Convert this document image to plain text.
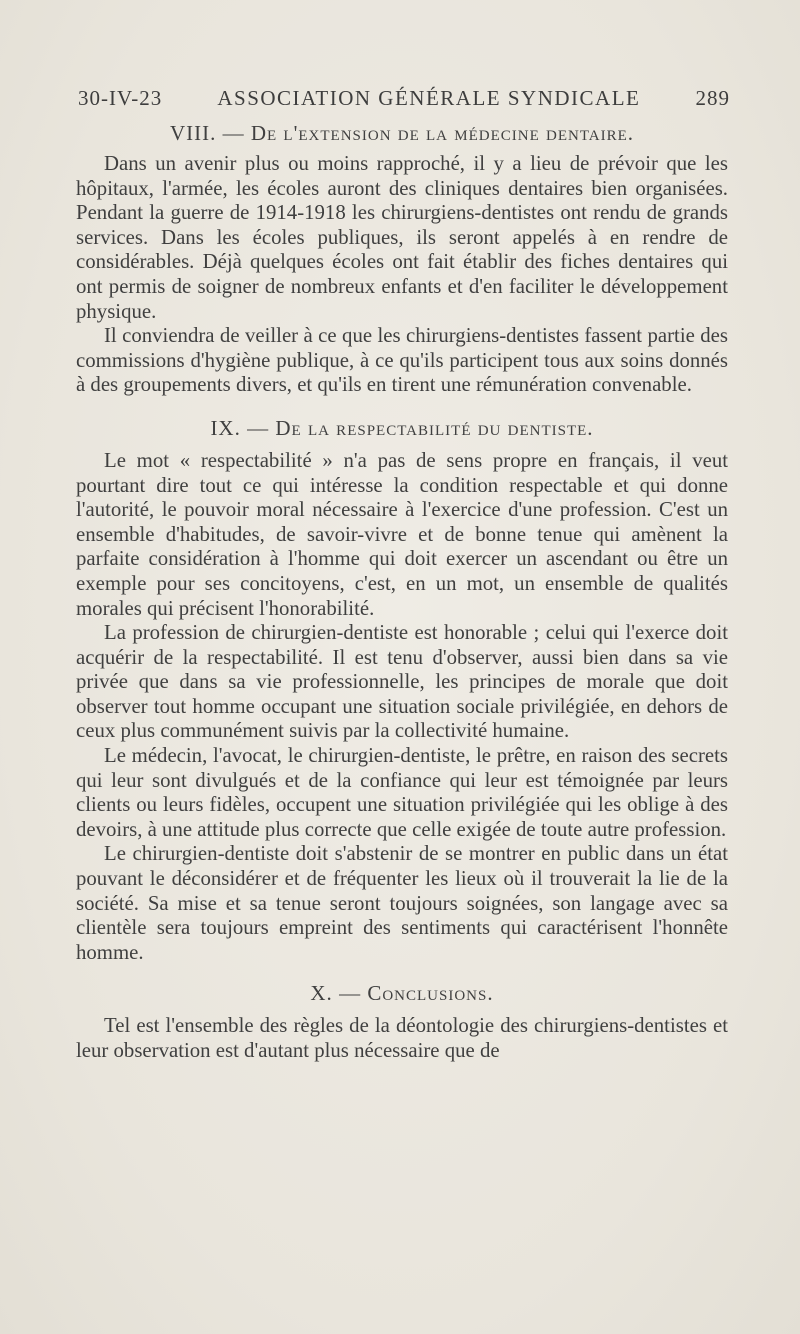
30-IV-23	ASSOCIATION GÉNÉRALE SYNDICALE	289
VIII. — De l'extension de la médecine dentaire.

Dans un avenir plus ou moins rapproché, il y a lieu de prévoir que les hôpitaux, l'armée, les écoles auront des cliniques dentaires bien organisées. Pendant la guerre de 1914-1918 les chirurgiens-dentistes ont rendu de grands services. Dans les écoles publiques, ils seront appelés à en rendre de considérables. Déjà quelques écoles ont fait établir des fiches dentaires qui ont permis de soigner de nombreux enfants et d'en faciliter le développement physique.

Il conviendra de veiller à ce que les chirurgiens-dentistes fassent partie des commissions d'hygiène publique, à ce qu'ils participent tous aux soins donnés à des groupements divers, et qu'ils en tirent une rémunération convenable.

IX. — De la respectabilité du dentiste.

Le mot « respectabilité » n'a pas de sens propre en français, il veut pourtant dire tout ce qui intéresse la condition respectable et qui donne l'autorité, le pouvoir moral nécessaire à l'exercice d'une profession. C'est un ensemble d'habitudes, de savoir-vivre et de bonne tenue qui amènent la parfaite considération à l'homme qui doit exercer un ascendant ou être un exemple pour ses concitoyens, c'est, en un mot, un ensemble de qualités morales qui précisent l'honorabilité.

La profession de chirurgien-dentiste est honorable ; celui qui l'exerce doit acquérir de la respectabilité. Il est tenu d'observer, aussi bien dans sa vie privée que dans sa vie professionnelle, les principes de morale que doit observer tout homme occupant une situation sociale privilégiée, en dehors de ceux plus communément suivis par la collectivité humaine.

Le médecin, l'avocat, le chirurgien-dentiste, le prêtre, en raison des secrets qui leur sont divulgués et de la confiance qui leur est témoignée par leurs clients ou leurs fidèles, occupent une situation privilégiée qui les oblige à des devoirs, à une attitude plus correcte que celle exigée de toute autre profession.

Le chirurgien-dentiste doit s'abstenir de se montrer en public dans un état pouvant le déconsidérer et de fréquenter les lieux où il trouverait la lie de la société. Sa mise et sa tenue seront toujours soignées, son langage avec sa clientèle sera toujours empreint des sentiments qui caractérisent l'honnête homme.

X. — Conclusions.

Tel est l'ensemble des règles de la déontologie des chirurgiens-dentistes et leur observation est d'autant plus nécessaire que de
